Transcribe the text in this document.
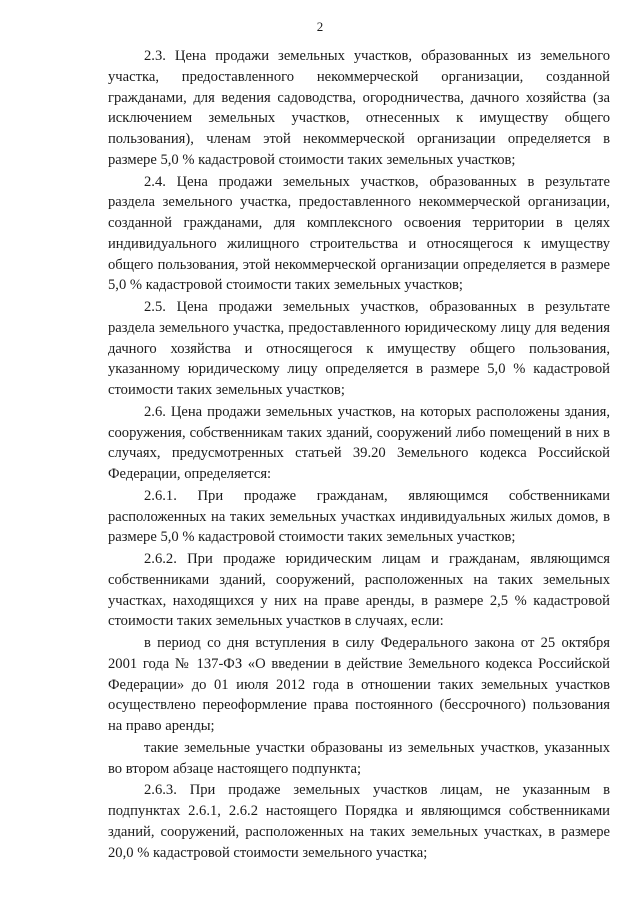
2

2.3. Цена продажи земельных участков, образованных из земельного участка, предоставленного некоммерческой организации, созданной гражданами, для ведения садоводства, огородничества, дачного хозяйства (за исключением земельных участков, отнесенных к имуществу общего пользования), членам этой некоммерческой организации определяется в размере 5,0 % кадастровой стоимости таких земельных участков;

2.4. Цена продажи земельных участков, образованных в результате раздела земельного участка, предоставленного некоммерческой организации, созданной гражданами, для комплексного освоения территории в целях индивидуального жилищного строительства и относящегося к имуществу общего пользования, этой некоммерческой организации определяется в размере 5,0 % кадастровой стоимости таких земельных участков;

2.5. Цена продажи земельных участков, образованных в результате раздела земельного участка, предоставленного юридическому лицу для ведения дачного хозяйства и относящегося к имуществу общего пользования, указанному юридическому лицу определяется в размере 5,0 % кадастровой стоимости таких земельных участков;

2.6. Цена продажи земельных участков, на которых расположены здания, сооружения, собственникам таких зданий, сооружений либо помещений в них в случаях, предусмотренных статьей 39.20 Земельного кодекса Российской Федерации, определяется:

2.6.1. При продаже гражданам, являющимся собственниками расположенных на таких земельных участках индивидуальных жилых домов, в размере 5,0 % кадастровой стоимости таких земельных участков;

2.6.2. При продаже юридическим лицам и гражданам, являющимся собственниками зданий, сооружений, расположенных на таких земельных участках, находящихся у них на праве аренды, в размере 2,5 % кадастровой стоимости таких земельных участков в случаях, если:

в период со дня вступления в силу Федерального закона от 25 октября 2001 года № 137-ФЗ «О введении в действие Земельного кодекса Российской Федерации» до 01 июля 2012 года в отношении таких земельных участков осуществлено переоформление права постоянного (бессрочного) пользования на право аренды;

такие земельные участки образованы из земельных участков, указанных во втором абзаце настоящего подпункта;

2.6.3. При продаже земельных участков лицам, не указанным в подпунктах 2.6.1, 2.6.2 настоящего Порядка и являющимся собственниками зданий, сооружений, расположенных на таких земельных участках, в размере 20,0 % кадастровой стоимости земельного участка;
